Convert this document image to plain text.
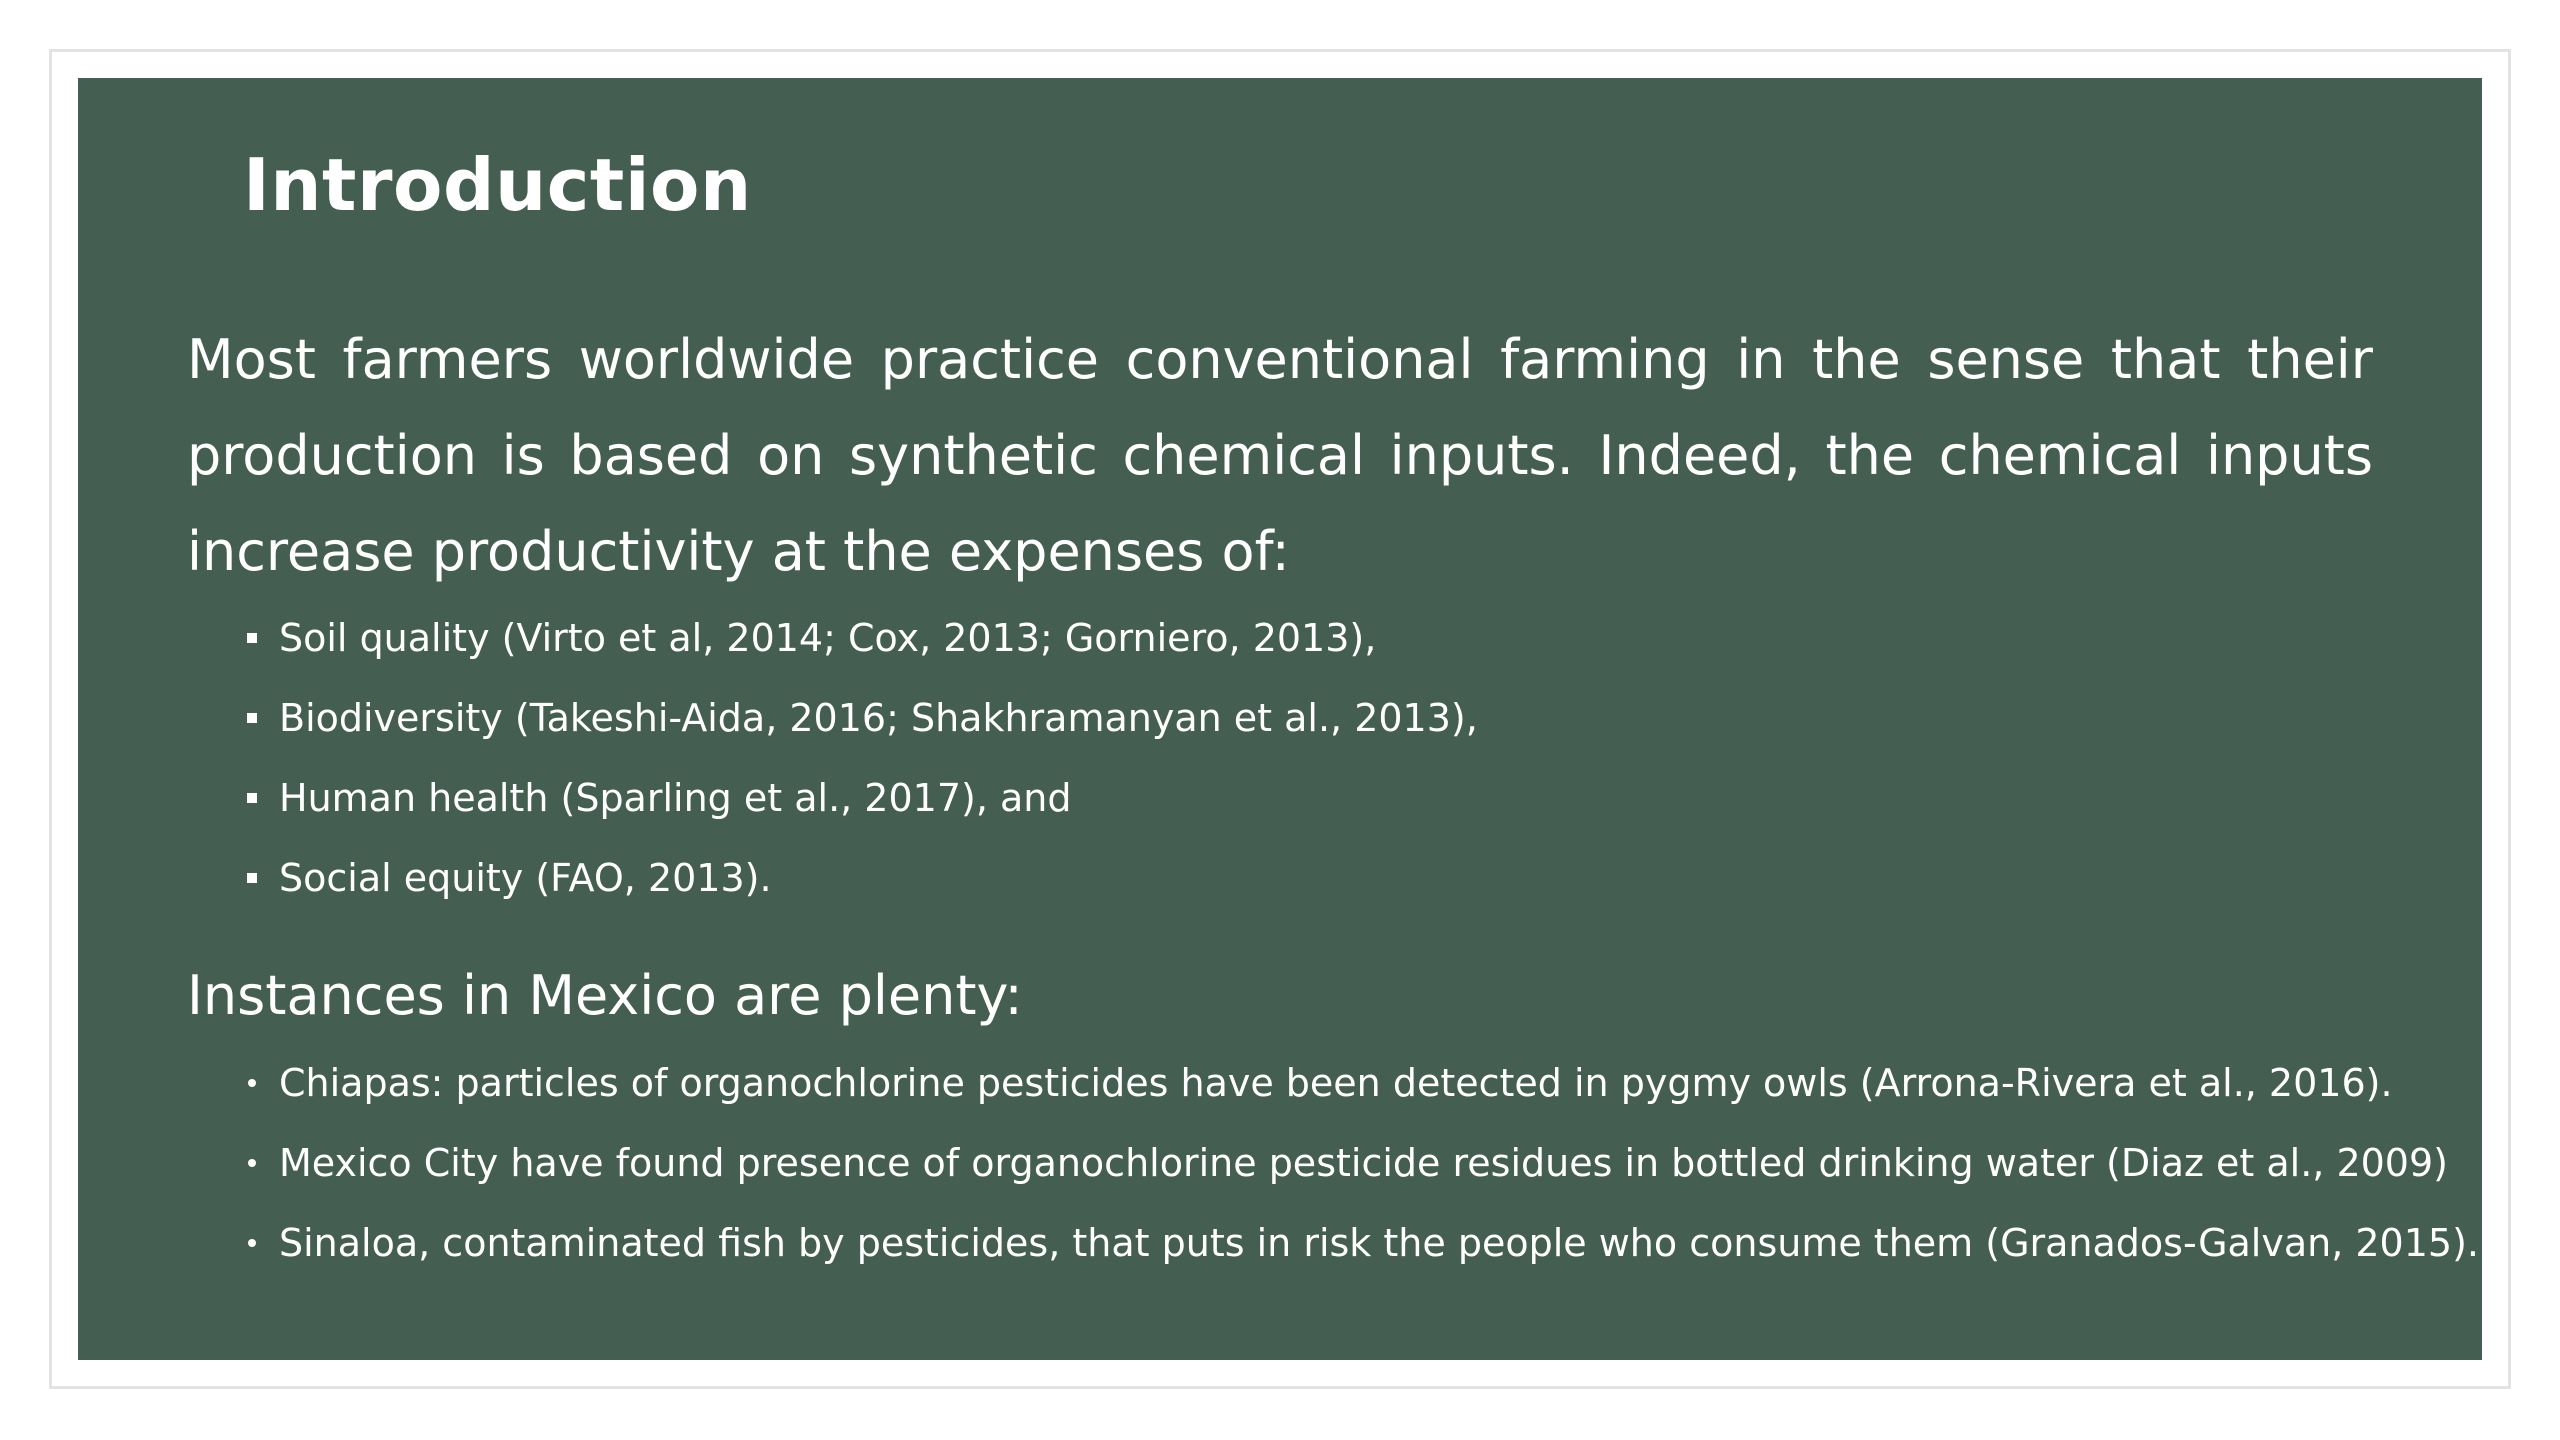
Introduction

Most farmers worldwide practice conventional farming in the sense that their production is based on synthetic chemical inputs. Indeed, the chemical inputs increase productivity at the expenses of:

Soil quality (Virto et al, 2014; Cox, 2013; Gorniero, 2013),
Biodiversity (Takeshi-Aida, 2016; Shakhramanyan et al., 2013),
Human health (Sparling et al., 2017), and
Social equity (FAO, 2013).

Instances in Mexico are plenty:

Chiapas: particles of organochlorine pesticides have been detected in pygmy owls (Arrona-Rivera et al., 2016).
Mexico City have found presence of organochlorine pesticide residues in bottled drinking water (Diaz et al., 2009)
Sinaloa, contaminated fish by pesticides, that puts in risk the people who consume them (Granados-Galvan, 2015).
